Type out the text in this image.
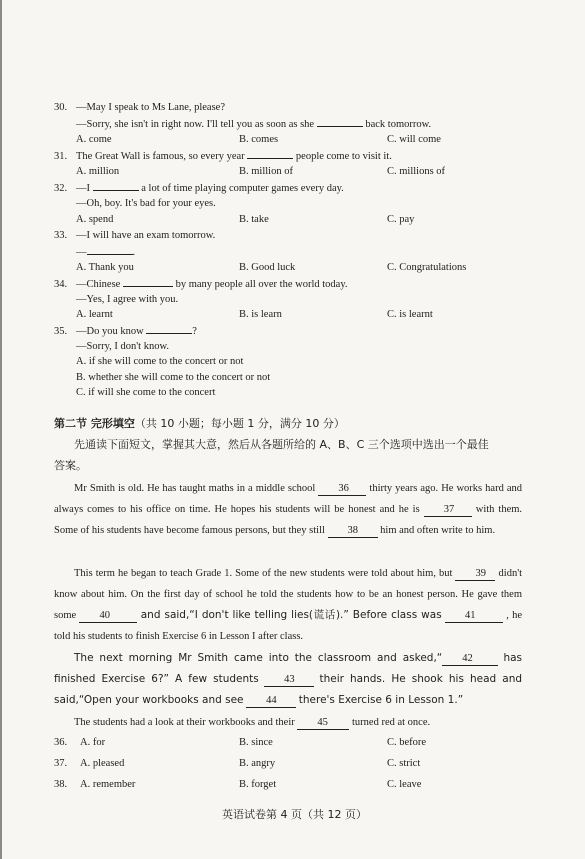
30. —May I speak to Ms Lane, please?
—Sorry, she isn't in right now. I'll tell you as soon as she	back tomorrow.
A. come	B. comes	C. will come
31. The Great Wall is famous, so every year	people come to visit it.
A. million	B. million of	C. millions of
32. —I	a lot of time playing computer games every day.
—Oh, boy. It's bad for your eyes.
A. spend	B. take	C. pay
33. —I will have an exam tomorrow.
—	.
A. Thank you	B. Good luck	C. Congratulations
34. —Chinese	by many people all over the world today.
—Yes, I agree with you.
A. learnt	B. is learn	C. is learnt
35. —Do you know	?
—Sorry, I don't know.
A. if she will come to the concert or not
B. whether she will come to the concert or not
C. if will she come to the concert
第二节 完形填空（共 10 小题；每小题 1 分，满分 10 分）
先通读下面短文，掌握其大意，然后从各题所给的 A、B、C 三个选项中选出一个最佳
答案。
Mr Smith is old. He has taught maths in a middle school 36 thirty years ago. He works hard and always comes to his office on time. He hopes his students will be honest and he is 37 with them. Some of his students have become famous persons, but they still 38 him and often write to him.
This term he began to teach Grade 1. Some of the new students were told about him, but 39 didn't know about him. On the first day of school he told the students how to be an honest person. He gave them some 40	and said,“I don't like telling lies(谎话).” Before class was 41	, he told his students to finish Exercise 6 in Lesson I after class.
The next morning Mr Smith came into the classroom and asked,“ 42	has finished Exercise 6?” A few students 43 their hands. He shook his head and said,“Open your workbooks and see 44 there's Exercise 6 in Lesson 1.”
The students had a look at their workbooks and their 45 turned red at once.
36. A. for	B. since	C. before
37. A. pleased	B. angry	C. strict
38. A. remember	B. forget	C. leave
英语试卷第 4 页（共 12 页）
